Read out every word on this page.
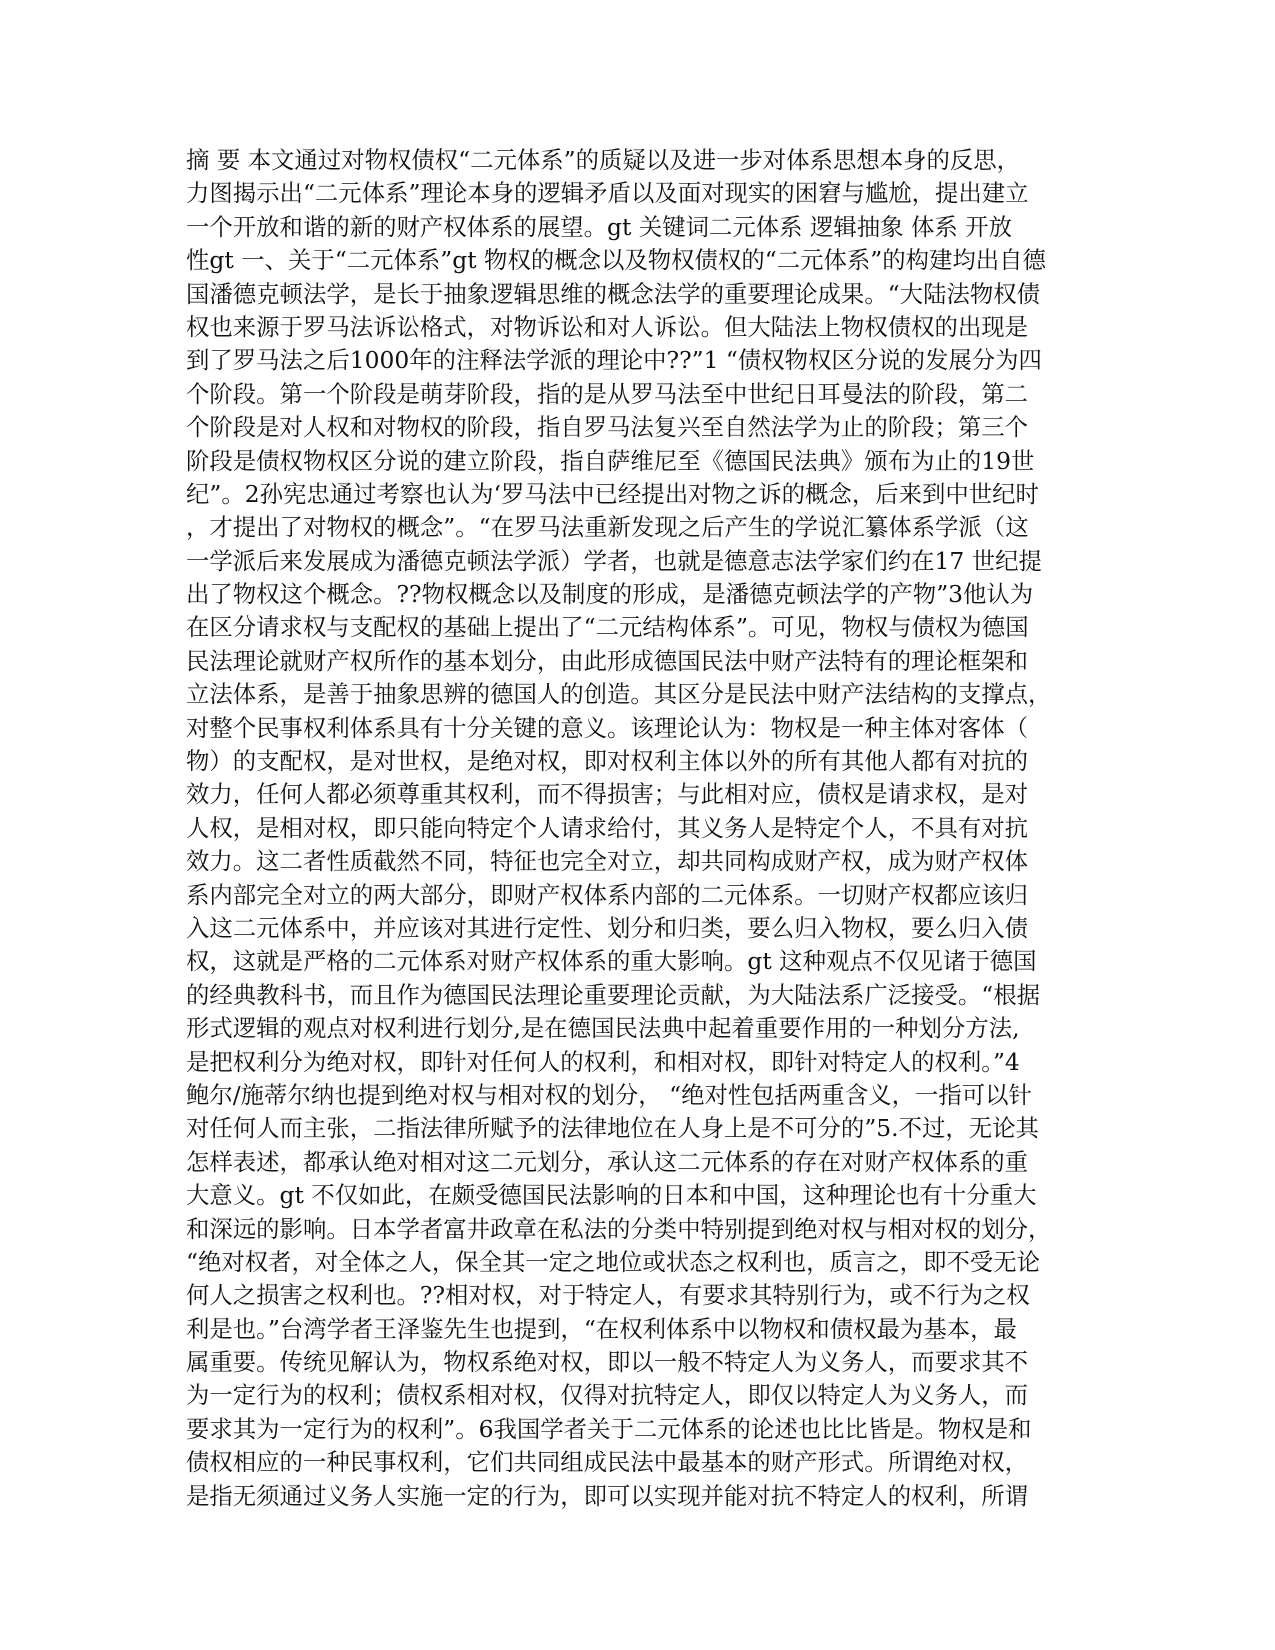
摘 要 本文通过对物权债权“二元体系”的质疑以及进一步对体系思想本身的反思，
力图揭示出“二元体系”理论本身的逻辑矛盾以及面对现实的困窘与尴尬，提出建立
一个开放和谐的新的财产权体系的展望。gt 关键词二元体系 逻辑抽象 体系 开放
性gt 一、关于“二元体系”gt 物权的概念以及物权债权的“二元体系”的构建均出自德
国潘德克顿法学，是长于抽象逻辑思维的概念法学的重要理论成果。“大陆法物权债
权也来源于罗马法诉讼格式，对物诉讼和对人诉讼。但大陆法上物权债权的出现是
到了罗马法之后1000年的注释法学派的理论中??”1 “债权物权区分说的发展分为四
个阶段。第一个阶段是萌芽阶段，指的是从罗马法至中世纪日耳曼法的阶段，第二
个阶段是对人权和对物权的阶段，指自罗马法复兴至自然法学为止的阶段；第三个
阶段是债权物权区分说的建立阶段，指自萨维尼至《德国民法典》颁布为止的19世
纪”。2孙宪忠通过考察也认为‘罗马法中已经提出对物之诉的概念，后来到中世纪时
，才提出了对物权的概念”。“在罗马法重新发现之后产生的学说汇纂体系学派（这
一学派后来发展成为潘德克顿法学派）学者，也就是德意志法学家们约在17 世纪提
出了物权这个概念。??物权概念以及制度的形成，是潘德克顿法学的产物”3他认为
在区分请求权与支配权的基础上提出了“二元结构体系”。可见，物权与债权为德国
民法理论就财产权所作的基本划分，由此形成德国民法中财产法特有的理论框架和
立法体系，是善于抽象思辨的德国人的创造。其区分是民法中财产法结构的支撑点，
对整个民事权利体系具有十分关键的意义。该理论认为：物权是一种主体对客体（
物）的支配权，是对世权，是绝对权，即对权利主体以外的所有其他人都有对抗的
效力，任何人都必须尊重其权利，而不得损害；与此相对应，债权是请求权，是对
人权，是相对权，即只能向特定个人请求给付，其义务人是特定个人，不具有对抗
效力。这二者性质截然不同，特征也完全对立，却共同构成财产权，成为财产权体
系内部完全对立的两大部分，即财产权体系内部的二元体系。一切财产权都应该归
入这二元体系中，并应该对其进行定性、划分和归类，要么归入物权，要么归入债
权，这就是严格的二元体系对财产权体系的重大影响。gt 这种观点不仅见诸于德国
的经典教科书，而且作为德国民法理论重要理论贡献，为大陆法系广泛接受。“根据
形式逻辑的观点对权利进行划分,是在德国民法典中起着重要作用的一种划分方法,
是把权利分为绝对权，即针对任何人的权利，和相对权，即针对特定人的权利。”4
鲍尔/施蒂尔纳也提到绝对权与相对权的划分， “绝对性包括两重含义，一指可以针
对任何人而主张，二指法律所赋予的法律地位在人身上是不可分的”5.不过，无论其
怎样表述，都承认绝对相对这二元划分，承认这二元体系的存在对财产权体系的重
大意义。gt 不仅如此，在颇受德国民法影响的日本和中国，这种理论也有十分重大
和深远的影响。日本学者富井政章在私法的分类中特别提到绝对权与相对权的划分，
“绝对权者，对全体之人，保全其一定之地位或状态之权利也，质言之，即不受无论
何人之损害之权利也。??相对权，对于特定人，有要求其特别行为，或不行为之权
利是也。”台湾学者王泽鉴先生也提到，“在权利体系中以物权和债权最为基本，最
属重要。传统见解认为，物权系绝对权，即以一般不特定人为义务人，而要求其不
为一定行为的权利；债权系相对权，仅得对抗特定人，即仅以特定人为义务人，而
要求其为一定行为的权利”。6我国学者关于二元体系的论述也比比皆是。物权是和
债权相应的一种民事权利，它们共同组成民法中最基本的财产形式。所谓绝对权，
是指无须通过义务人实施一定的行为，即可以实现并能对抗不特定人的权利，所谓
